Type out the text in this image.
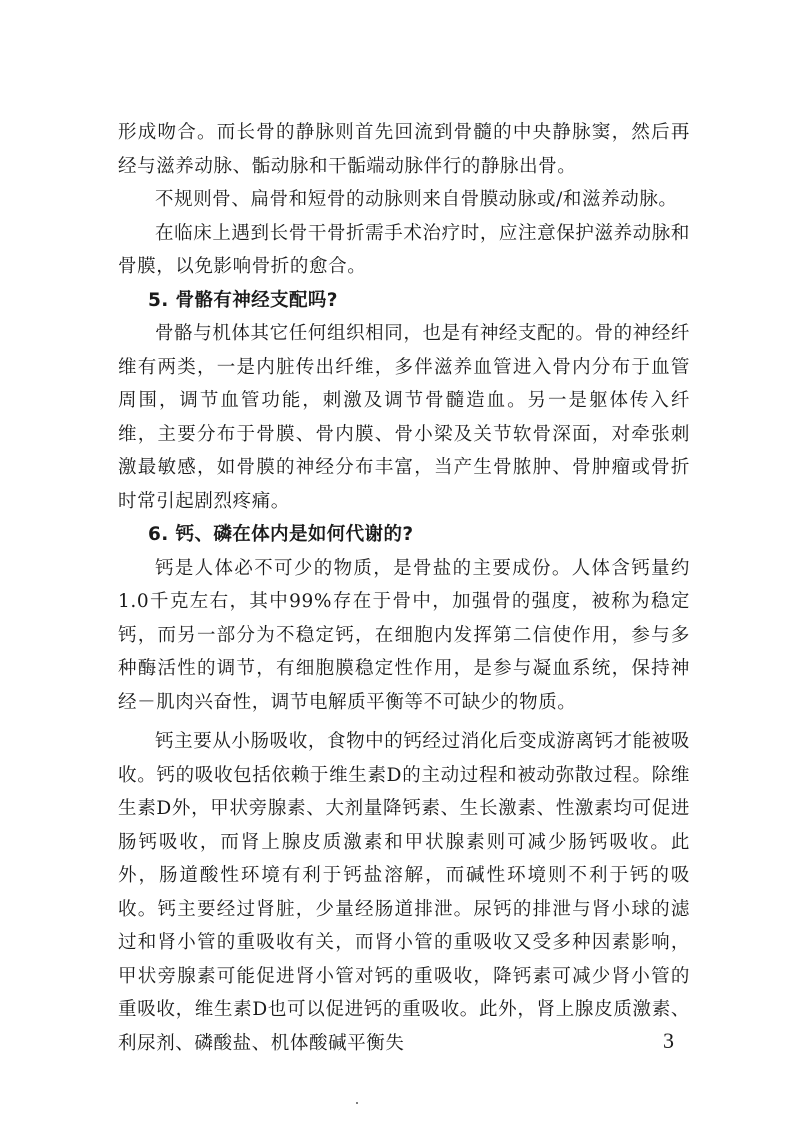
形成吻合。而长骨的静脉则首先回流到骨髓的中央静脉窦，然后再经与滋养动脉、骺动脉和干骺端动脉伴行的静脉出骨。

不规则骨、扁骨和短骨的动脉则来自骨膜动脉或/和滋养动脉。

在临床上遇到长骨干骨折需手术治疗时，应注意保护滋养动脉和骨膜，以免影响骨折的愈合。

5. 骨骼有神经支配吗?

骨骼与机体其它任何组织相同，也是有神经支配的。骨的神经纤维有两类，一是内脏传出纤维，多伴滋养血管进入骨内分布于血管周围，调节血管功能，刺激及调节骨髓造血。另一是躯体传入纤维，主要分布于骨膜、骨内膜、骨小梁及关节软骨深面，对牵张刺激最敏感，如骨膜的神经分布丰富，当产生骨脓肿、骨肿瘤或骨折时常引起剧烈疼痛。

6. 钙、磷在体内是如何代谢的?

钙是人体必不可少的物质，是骨盐的主要成份。人体含钙量约1.0千克左右，其中99%存在于骨中，加强骨的强度，被称为稳定钙，而另一部分为不稳定钙，在细胞内发挥第二信使作用，参与多种酶活性的调节，有细胞膜稳定性作用，是参与凝血系统，保持神经－肌肉兴奋性，调节电解质平衡等不可缺少的物质。

钙主要从小肠吸收，食物中的钙经过消化后变成游离钙才能被吸收。钙的吸收包括依赖于维生素D的主动过程和被动弥散过程。除维生素D外，甲状旁腺素、大剂量降钙素、生长激素、性激素均可促进肠钙吸收，而肾上腺皮质激素和甲状腺素则可减少肠钙吸收。此外，肠道酸性环境有利于钙盐溶解，而碱性环境则不利于钙的吸收。钙主要经过肾脏，少量经肠道排泄。尿钙的排泄与肾小球的滤过和肾小管的重吸收有关，而肾小管的重吸收又受多种因素影响，甲状旁腺素可能促进肾小管对钙的重吸收，降钙素可减少肾小管的重吸收，维生素D也可以促进钙的重吸收。此外，肾上腺皮质激素、利尿剂、磷酸盐、机体酸碱平衡失	3
